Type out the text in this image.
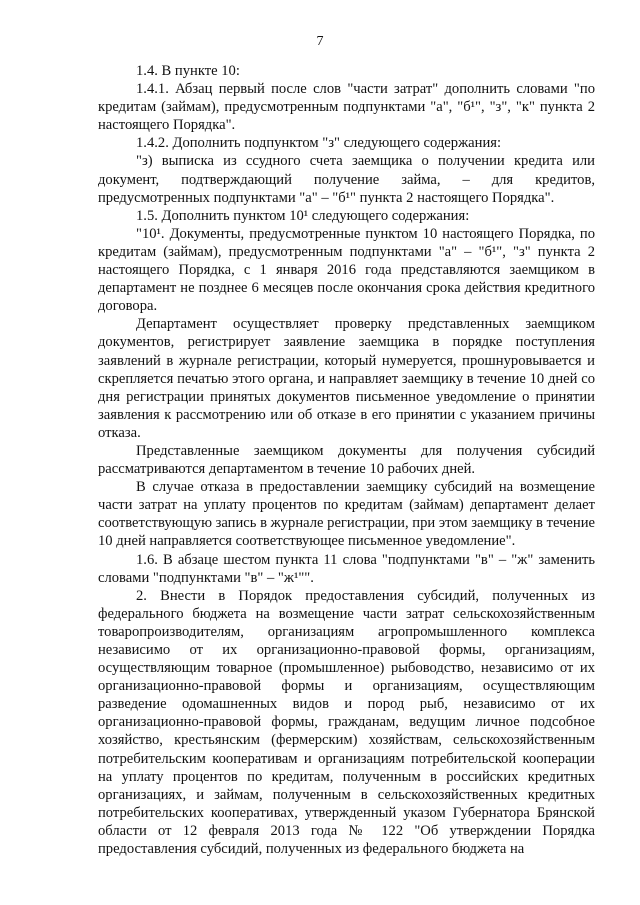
7

1.4. В пункте 10:

1.4.1. Абзац первый после слов "части затрат" дополнить словами "по кредитам (займам), предусмотренным подпунктами "а", "б¹", "з", "к" пункта 2 настоящего Порядка".

1.4.2. Дополнить подпунктом "з" следующего содержания:

"з) выписка из ссудного счета заемщика о получении кредита или документ, подтверждающий получение займа, – для кредитов, предусмотренных подпунктами "а" – "б¹" пункта 2 настоящего Порядка".

1.5. Дополнить пунктом 10¹ следующего содержания:

"10¹. Документы, предусмотренные пунктом 10 настоящего Порядка, по кредитам (займам), предусмотренным подпунктами "а" – "б¹", "з" пункта 2 настоящего Порядка, с 1 января 2016 года представляются заемщиком в департамент не позднее 6 месяцев после окончания срока действия кредитного договора.

Департамент осуществляет проверку представленных заемщиком документов, регистрирует заявление заемщика в порядке поступления заявлений в журнале регистрации, который нумеруется, прошнуровывается и скрепляется печатью этого органа, и направляет заемщику в течение 10 дней со дня регистрации принятых документов письменное уведомление о принятии заявления к рассмотрению или об отказе в его принятии с указанием причины отказа.

Представленные заемщиком документы для получения субсидий рассматриваются департаментом в течение 10 рабочих дней.

В случае отказа в предоставлении заемщику субсидий на возмещение части затрат на уплату процентов по кредитам (займам) департамент делает соответствующую запись в журнале регистрации, при этом заемщику в течение 10 дней направляется соответствующее письменное уведомление".

1.6. В абзаце шестом пункта 11 слова "подпунктами "в" – "ж" заменить словами "подпунктами "в" – "ж¹"".

2. Внести в Порядок предоставления субсидий, полученных из федерального бюджета на возмещение части затрат сельскохозяйственным товаропроизводителям, организациям агропромышленного комплекса независимо от их организационно-правовой формы, организациям, осуществляющим товарное (промышленное) рыбоводство, независимо от их организационно-правовой формы и организациям, осуществляющим разведение одомашненных видов и пород рыб, независимо от их организационно-правовой формы, гражданам, ведущим личное подсобное хозяйство, крестьянским (фермерским) хозяйствам, сельскохозяйственным потребительским кооперативам и организациям потребительской кооперации на уплату процентов по кредитам, полученным в российских кредитных организациях, и займам, полученным в сельскохозяйственных кредитных потребительских кооперативах, утвержденный указом Губернатора Брянской области от 12 февраля 2013 года № 122 "Об утверждении Порядка предоставления субсидий, полученных из федерального бюджета на
